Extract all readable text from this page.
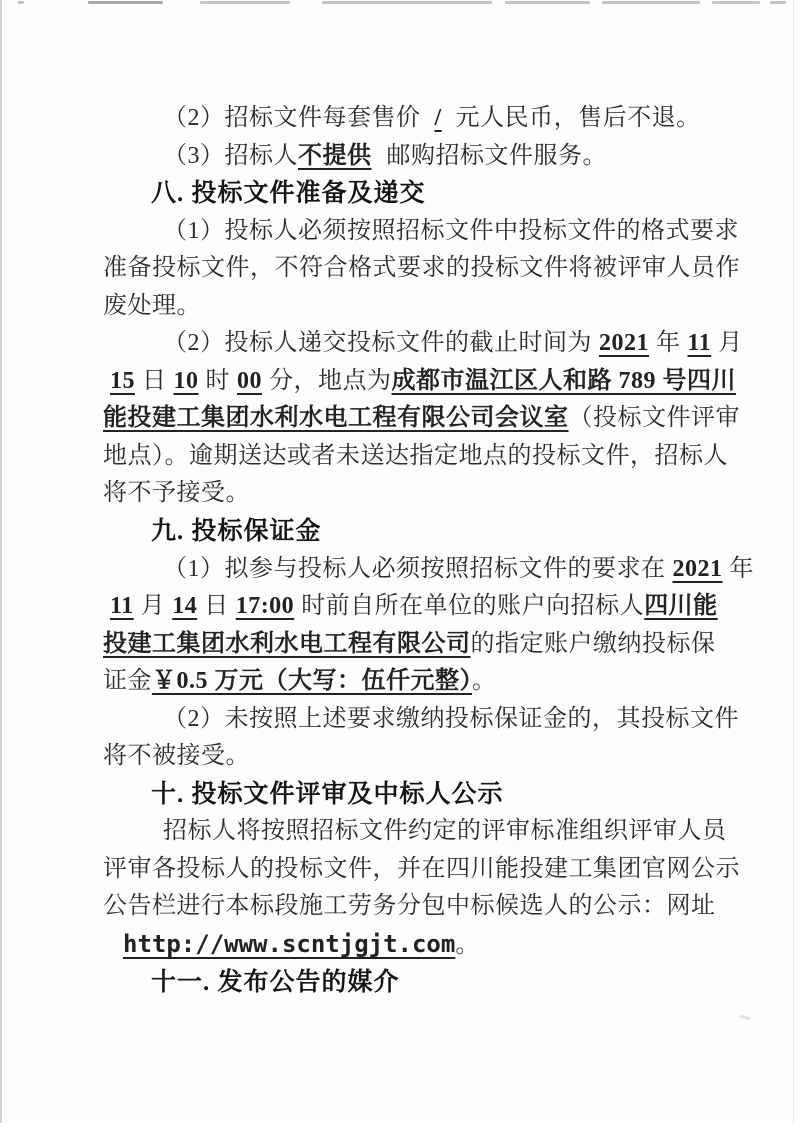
（2）招标文件每套售价 / 元人民币，售后不退。
（3）招标人不提供 邮购招标文件服务。
八. 投标文件准备及递交
（1）投标人必须按照招标文件中投标文件的格式要求
准备投标文件，不符合格式要求的投标文件将被评审人员作
废处理。
（2）投标人递交投标文件的截止时间为 2021 年 11 月
15 日 10 时 00 分，地点为成都市温江区人和路 789 号四川
能投建工集团水利水电工程有限公司会议室（投标文件评审
地点）。逾期送达或者未送达指定地点的投标文件，招标人
将不予接受。
九. 投标保证金
（1）拟参与投标人必须按照招标文件的要求在 2021 年
11 月 14 日 17:00 时前自所在单位的账户向招标人四川能
投建工集团水利水电工程有限公司的指定账户缴纳投标保
证金￥0.5 万元（大写：伍仟元整）。
（2）未按照上述要求缴纳投标保证金的，其投标文件
将不被接受。
十. 投标文件评审及中标人公示
招标人将按照招标文件约定的评审标准组织评审人员
评审各投标人的投标文件，并在四川能投建工集团官网公示
公告栏进行本标段施工劳务分包中标候选人的公示：网址
http://www.scntjgjt.com。
十一. 发布公告的媒介
